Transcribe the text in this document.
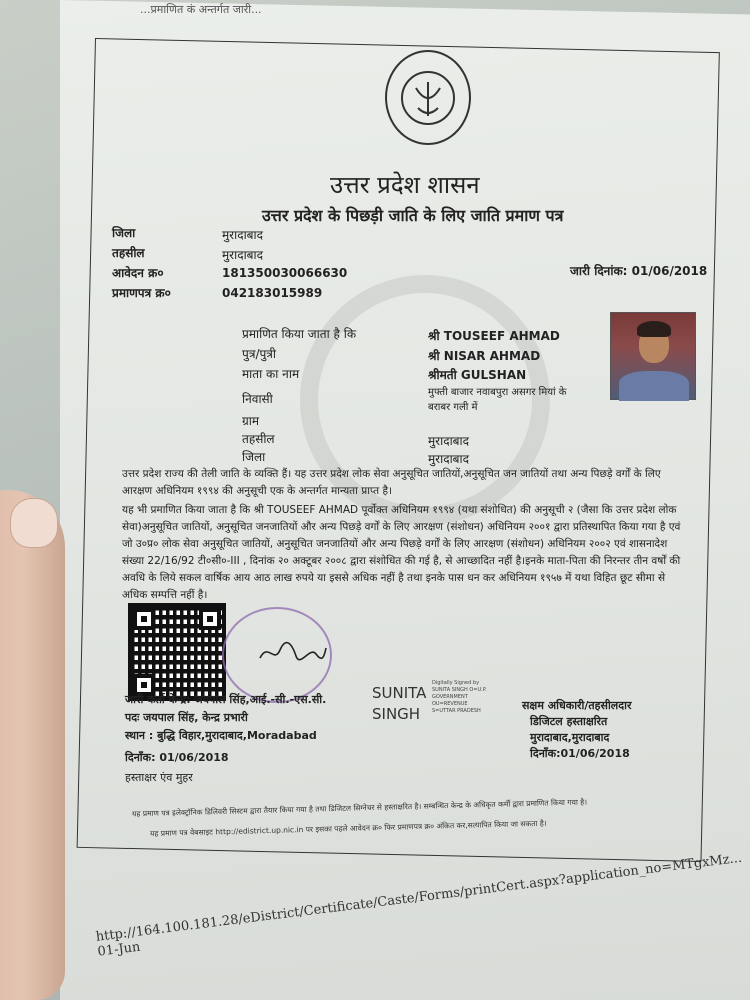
...प्रमाणित कं अन्तर्गत जारी...
उत्तर प्रदेश शासन
उत्तर प्रदेश के पिछड़ी जाति के लिए जाति प्रमाण पत्र
जिला	मुरादाबाद
तहसील	मुरादाबाद
आवेदन क्र०	181350030066630
प्रमाणपत्र क्र०	042183015989
जारी दिनांक: 01/06/2018
प्रमाणित किया जाता है कि	श्री TOUSEEF AHMAD
पुत्र/पुत्री	श्री NISAR AHMAD
माता का नाम	श्रीमती GULSHAN
निवासी	मुफ्ती बाजार नवाबपुरा असगर मियां के
बराबर गली में
ग्राम
तहसील	मुरादाबाद
जिला	मुरादाबाद
उत्तर प्रदेश राज्य की तेली जाति के व्यक्ति हैं। यह उत्तर प्रदेश लोक सेवा अनुसूचित जातियों,अनुसूचित जन जातियों तथा अन्य पिछड़े वर्गों के लिए आरक्षण अधिनियम १९९४ की अनुसूची एक के अन्तर्गत मान्यता प्राप्त है।
यह भी प्रमाणित किया जाता है कि श्री TOUSEEF AHMAD पूर्वोक्त अधिनियम १९९४ (यथा संशोधित) की अनुसूची २ (जैसा कि उत्तर प्रदेश लोक सेवा)अनुसूचित जातियों, अनुसूचित जनजातियों और अन्य पिछड़े वर्गों के लिए आरक्षण (संशोधन) अधिनियम २००१ द्वारा प्रतिस्थापित किया गया है एवं जो उ०प्र० लोक सेवा अनुसूचित जातियों, अनुसूचित जनजातियों और अन्य पिछड़े वर्गों के लिए आरक्षण (संशोधन) अधिनियम २००२ एवं शासनादेश संख्या 22/16/92 टी०सी०-III , दिनांक २० अक्टूबर २००८ द्वारा संशोधित की गई है, से आच्छादित नहीं है।इनके माता-पिता की निरन्तर तीन वर्षों की अवधि के लिये सकल वार्षिक आय आठ लाख रुपये या इससे अधिक नहीं है तथा इनके पास धन कर अधिनियम १९५७ में यथा विहित छूट सीमा से अधिक सम्पत्ति नहीं है।
जारी कर्ता केन्द्र: जयपाल सिंह,आई.-सी.-एस.सी.
पदः जयपाल सिंह, केन्द्र प्रभारी
स्थान : बुद्धि विहार,मुरादाबाद,Moradabad
दिनाँक: 01/06/2018
हस्ताक्षर एंव मुहर
SUNITA
SINGH
Digitally Signed by
SUNITA SINGH O=U.P.
GOVERNMENT
OU=REVENUE
S=UTTAR PRADESH	सक्षम अधिकारी/तहसीलदार
डिजिटल हस्ताक्षरित
मुरादाबाद,मुरादाबाद
दिनाँक:01/06/2018
यह प्रमाण पत्र इलेक्ट्रॉनिक डिलिवरी सिस्टम द्वारा तैयार किया गया है तथा डिजिटल सिग्नेचर से हस्ताक्षरित है। सम्बन्धित केन्द्र के अधिकृत कर्मी द्वारा प्रमाणित किया गया है।
यह प्रमाण पत्र वेबसाइट http://edistrict.up.nic.in पर इसका पहले आवेदन क्र० फिर प्रमाणपत्र क्र० अंकित कर,सत्यापित किया जा सकता है।
http://164.100.181.28/eDistrict/Certificate/Caste/Forms/printCert.aspx?application_no=MTgxMz... 01-Jun
